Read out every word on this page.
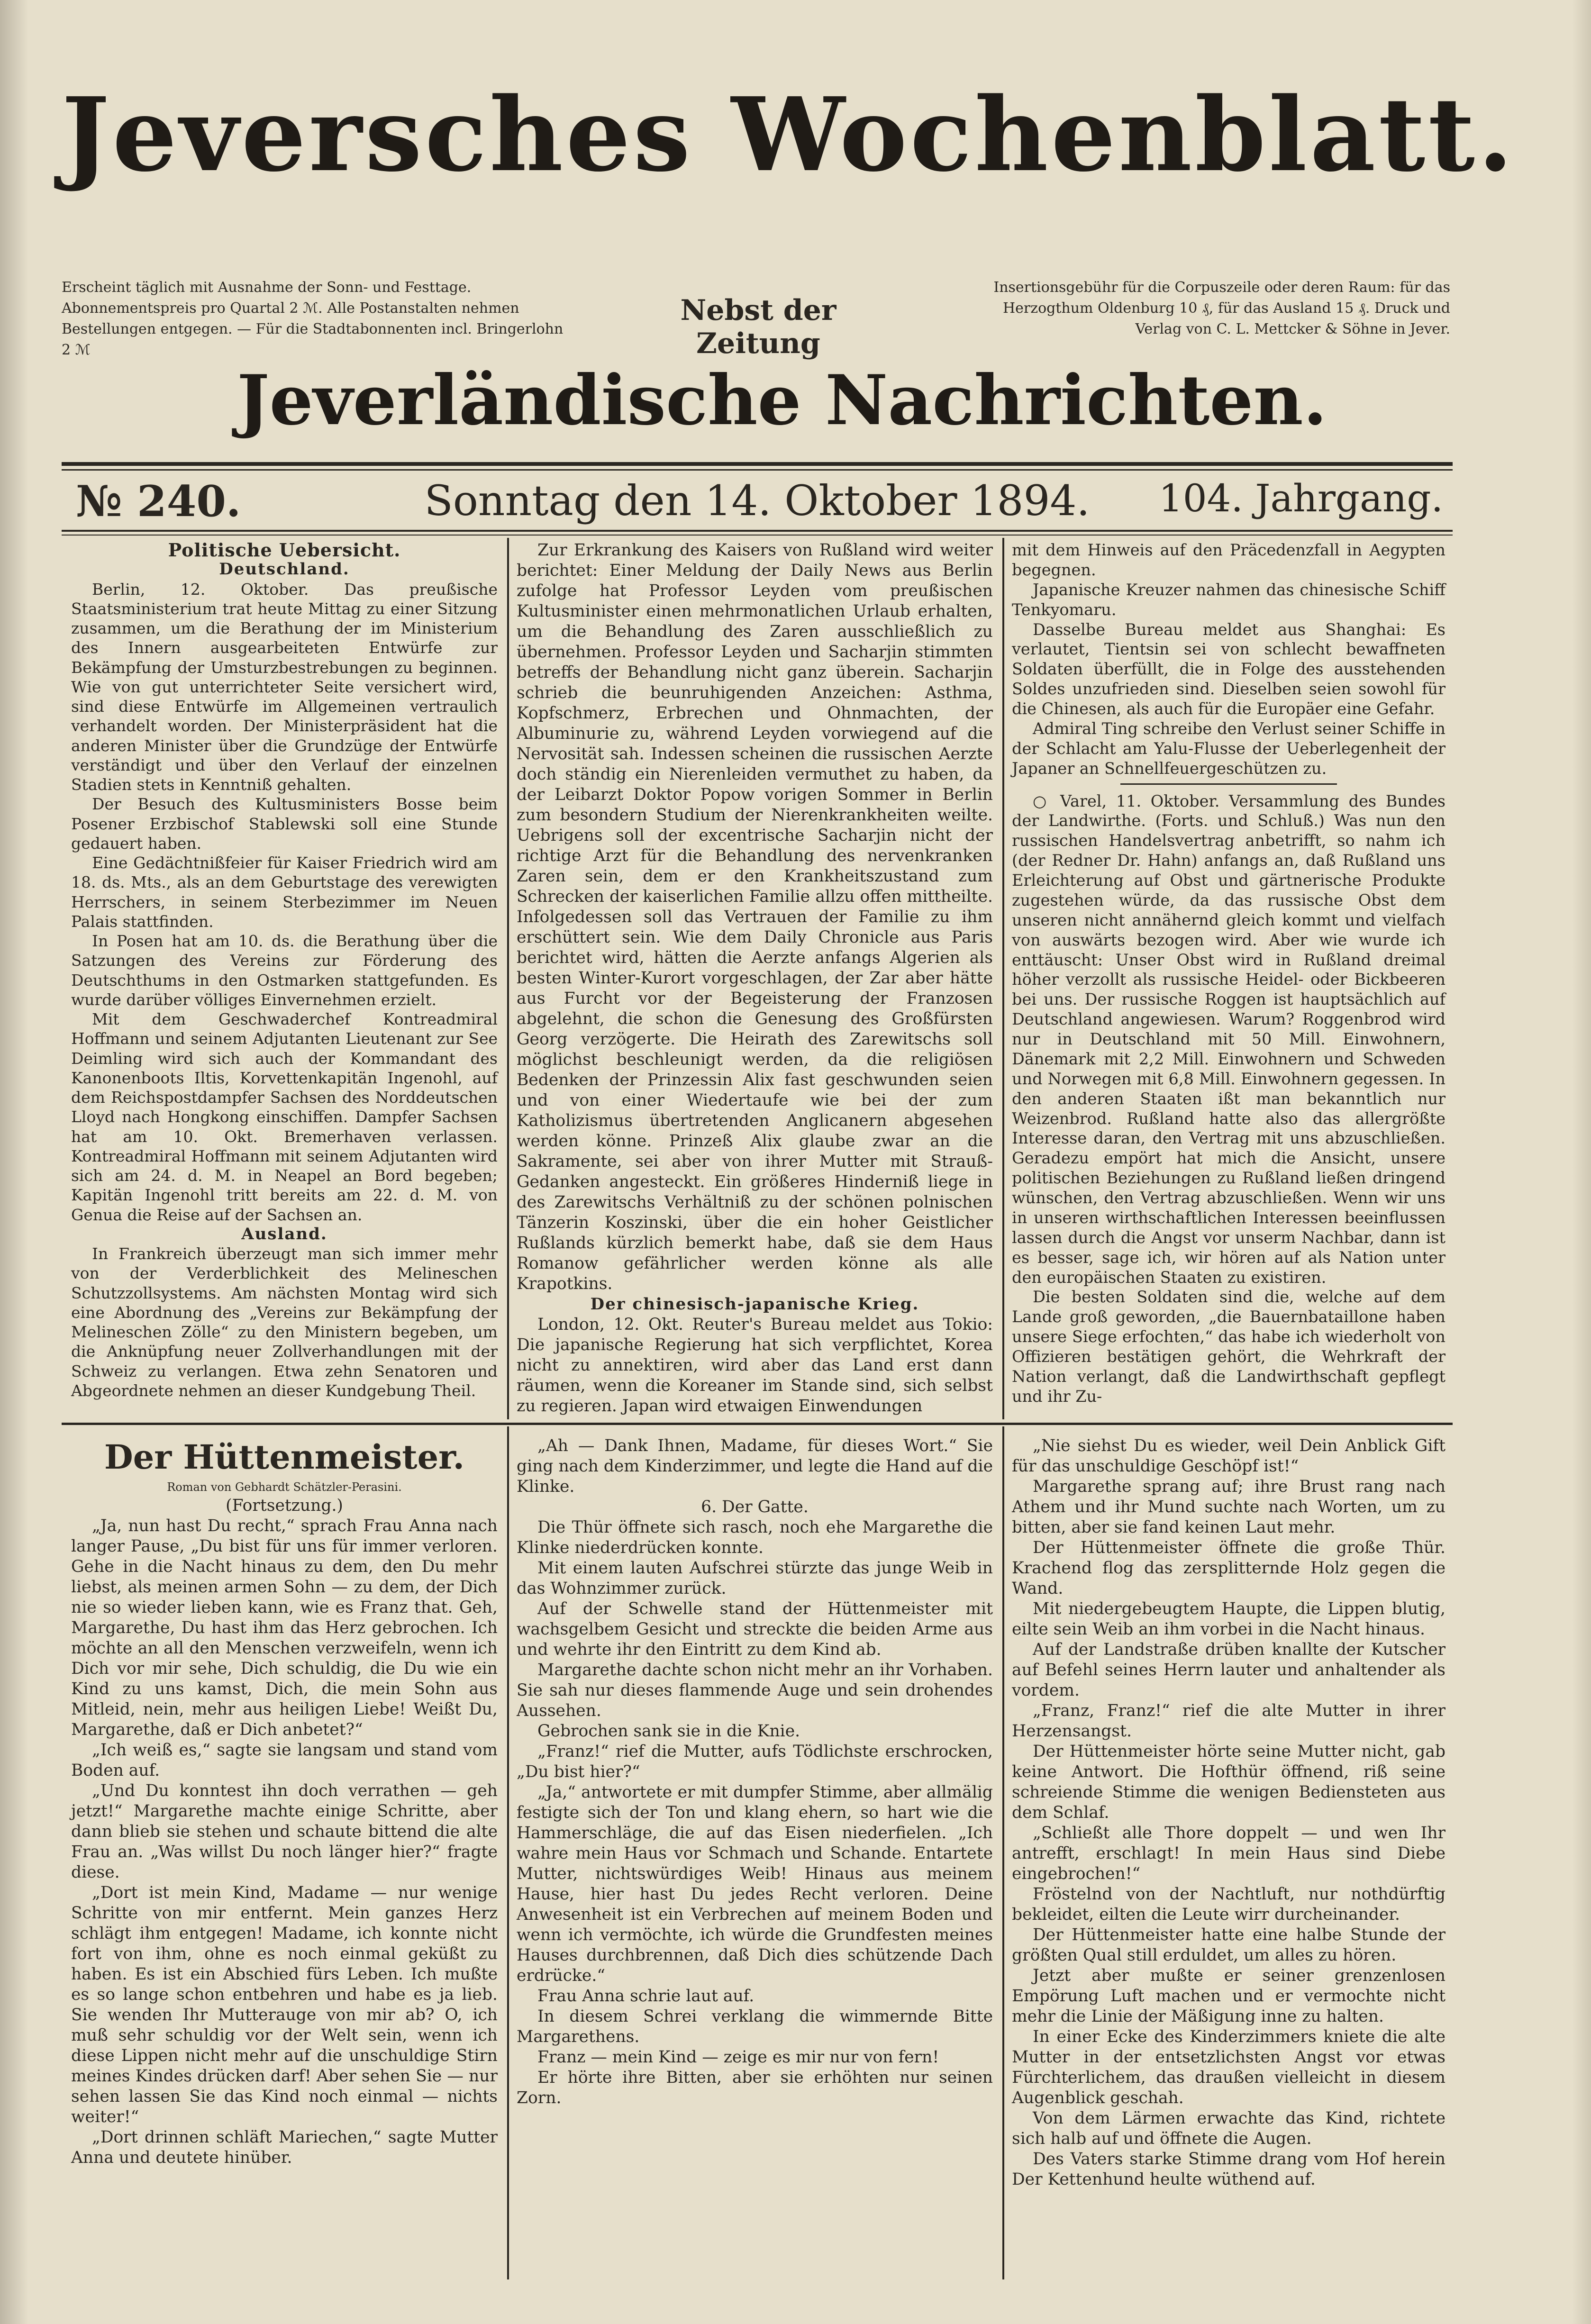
Jeversches Wochenblatt.
Erscheint täglich mit Ausnahme der Sonn- und Festtage. Abonnementspreis pro Quartal 2 ℳ. Alle Postanstalten nehmen Bestellungen entgegen. — Für die Stadtabonnenten incl. Bringerlohn 2 ℳ
Nebst der Zeitung
Insertionsgebühr für die Corpuszeile oder deren Raum: für das Herzogthum Oldenburg 10 ₰, für das Ausland 15 ₰. Druck und Verlag von C. L. Mettcker & Söhne in Jever.
Jeverländische Nachrichten.
№ 240.	Sonntag den 14. Oktober 1894.	104. Jahrgang.

Politische Uebersicht.

Deutschland.

Berlin, 12. Oktober. Das preußische Staatsministerium trat heute Mittag zu einer Sitzung zusammen, um die Berathung der im Ministerium des Innern ausgearbeiteten Entwürfe zur Bekämpfung der Umsturzbestrebungen zu beginnen. Wie von gut unterrichteter Seite versichert wird, sind diese Entwürfe im Allgemeinen vertraulich verhandelt worden. Der Ministerpräsident hat die anderen Minister über die Grundzüge der Entwürfe verständigt und über den Verlauf der einzelnen Stadien stets in Kenntniß gehalten.

Der Besuch des Kultusministers Bosse beim Posener Erzbischof Stablewski soll eine Stunde gedauert haben.

Eine Gedächtnißfeier für Kaiser Friedrich wird am 18. ds. Mts., als an dem Geburtstage des verewigten Herrschers, in seinem Sterbezimmer im Neuen Palais stattfinden.

In Posen hat am 10. ds. die Berathung über die Satzungen des Vereins zur Förderung des Deutschthums in den Ostmarken stattgefunden. Es wurde darüber völliges Einvernehmen erzielt.

Mit dem Geschwaderchef Kontreadmiral Hoffmann und seinem Adjutanten Lieutenant zur See Deimling wird sich auch der Kommandant des Kanonenboots Iltis, Korvettenkapitän Ingenohl, auf dem Reichspostdampfer Sachsen des Norddeutschen Lloyd nach Hongkong einschiffen. Dampfer Sachsen hat am 10. Okt. Bremerhaven verlassen. Kontreadmiral Hoffmann mit seinem Adjutanten wird sich am 24. d. M. in Neapel an Bord begeben; Kapitän Ingenohl tritt bereits am 22. d. M. von Genua die Reise auf der Sachsen an.

Ausland.

In Frankreich überzeugt man sich immer mehr von der Verderblichkeit des Melineschen Schutzzollsystems. Am nächsten Montag wird sich eine Abordnung des „Vereins zur Bekämpfung der Melineschen Zölle“ zu den Ministern begeben, um die Anknüpfung neuer Zollverhandlungen mit der Schweiz zu verlangen. Etwa zehn Senatoren und Abgeordnete nehmen an dieser Kundgebung Theil.

Zur Erkrankung des Kaisers von Rußland wird weiter berichtet: Einer Meldung der Daily News aus Berlin zufolge hat Professor Leyden vom preußischen Kultusminister einen mehrmonatlichen Urlaub erhalten, um die Behandlung des Zaren ausschließlich zu übernehmen. Professor Leyden und Sacharjin stimmten betreffs der Behandlung nicht ganz überein. Sacharjin schrieb die beunruhigenden Anzeichen: Asthma, Kopfschmerz, Erbrechen und Ohnmachten, der Albuminurie zu, während Leyden vorwiegend auf die Nervosität sah. Indessen scheinen die russischen Aerzte doch ständig ein Nierenleiden vermuthet zu haben, da der Leibarzt Doktor Popow vorigen Sommer in Berlin zum besondern Studium der Nierenkrankheiten weilte. Uebrigens soll der excentrische Sacharjin nicht der richtige Arzt für die Behandlung des nervenkranken Zaren sein, dem er den Krankheitszustand zum Schrecken der kaiserlichen Familie allzu offen mittheilte. Infolgedessen soll das Vertrauen der Familie zu ihm erschüttert sein. Wie dem Daily Chronicle aus Paris berichtet wird, hätten die Aerzte anfangs Algerien als besten Winter-Kurort vorgeschlagen, der Zar aber hätte aus Furcht vor der Begeisterung der Franzosen abgelehnt, die schon die Genesung des Großfürsten Georg verzögerte. Die Heirath des Zarewitschs soll möglichst beschleunigt werden, da die religiösen Bedenken der Prinzessin Alix fast geschwunden seien und von einer Wiedertaufe wie bei der zum Katholizismus übertretenden Anglicanern abgesehen werden könne. Prinzeß Alix glaube zwar an die Sakramente, sei aber von ihrer Mutter mit Strauß-Gedanken angesteckt. Ein größeres Hinderniß liege in des Zarewitschs Verhältniß zu der schönen polnischen Tänzerin Koszinski, über die ein hoher Geistlicher Rußlands kürzlich bemerkt habe, daß sie dem Haus Romanow gefährlicher werden könne als alle Krapotkins.

Der chinesisch-japanische Krieg.

London, 12. Okt. Reuter's Bureau meldet aus Tokio: Die japanische Regierung hat sich verpflichtet, Korea nicht zu annektiren, wird aber das Land erst dann räumen, wenn die Koreaner im Stande sind, sich selbst zu regieren. Japan wird etwaigen Einwendungen

mit dem Hinweis auf den Präcedenzfall in Aegypten begegnen.

Japanische Kreuzer nahmen das chinesische Schiff Tenkyomaru.

Dasselbe Bureau meldet aus Shanghai: Es verlautet, Tientsin sei von schlecht bewaffneten Soldaten überfüllt, die in Folge des ausstehenden Soldes unzufrieden sind. Dieselben seien sowohl für die Chinesen, als auch für die Europäer eine Gefahr.

Admiral Ting schreibe den Verlust seiner Schiffe in der Schlacht am Yalu-Flusse der Ueberlegenheit der Japaner an Schnellfeuergeschützen zu.

○ Varel, 11. Oktober. Versammlung des Bundes der Landwirthe. (Forts. und Schluß.) Was nun den russischen Handelsvertrag anbetrifft, so nahm ich (der Redner Dr. Hahn) anfangs an, daß Rußland uns Erleichterung auf Obst und gärtnerische Produkte zugestehen würde, da das russische Obst dem unseren nicht annähernd gleich kommt und vielfach von auswärts bezogen wird. Aber wie wurde ich enttäuscht: Unser Obst wird in Rußland dreimal höher verzollt als russische Heidel- oder Bickbeeren bei uns. Der russische Roggen ist hauptsächlich auf Deutschland angewiesen. Warum? Roggenbrod wird nur in Deutschland mit 50 Mill. Einwohnern, Dänemark mit 2,2 Mill. Einwohnern und Schweden und Norwegen mit 6,8 Mill. Einwohnern gegessen. In den anderen Staaten ißt man bekanntlich nur Weizenbrod. Rußland hatte also das allergrößte Interesse daran, den Vertrag mit uns abzuschließen. Geradezu empört hat mich die Ansicht, unsere politischen Beziehungen zu Rußland ließen dringend wünschen, den Vertrag abzuschließen. Wenn wir uns in unseren wirthschaftlichen Interessen beeinflussen lassen durch die Angst vor unserm Nachbar, dann ist es besser, sage ich, wir hören auf als Nation unter den europäischen Staaten zu existiren.

Die besten Soldaten sind die, welche auf dem Lande groß geworden, „die Bauernbataillone haben unsere Siege erfochten,“ das habe ich wiederholt von Offizieren bestätigen gehört, die Wehrkraft der Nation verlangt, daß die Landwirthschaft gepflegt und ihr Zu-

Der Hüttenmeister.

Roman von Gebhardt Schätzler-Perasini.

(Fortsetzung.)

„Ja, nun hast Du recht,“ sprach Frau Anna nach langer Pause, „Du bist für uns für immer verloren. Gehe in die Nacht hinaus zu dem, den Du mehr liebst, als meinen armen Sohn — zu dem, der Dich nie so wieder lieben kann, wie es Franz that. Geh, Margarethe, Du hast ihm das Herz gebrochen. Ich möchte an all den Menschen verzweifeln, wenn ich Dich vor mir sehe, Dich schuldig, die Du wie ein Kind zu uns kamst, Dich, die mein Sohn aus Mitleid, nein, mehr aus heiligen Liebe! Weißt Du, Margarethe, daß er Dich anbetet?“

„Ich weiß es,“ sagte sie langsam und stand vom Boden auf.

„Und Du konntest ihn doch verrathen — geh jetzt!“ Margarethe machte einige Schritte, aber dann blieb sie stehen und schaute bittend die alte Frau an. „Was willst Du noch länger hier?“ fragte diese.

„Dort ist mein Kind, Madame — nur wenige Schritte von mir entfernt. Mein ganzes Herz schlägt ihm entgegen! Madame, ich konnte nicht fort von ihm, ohne es noch einmal geküßt zu haben. Es ist ein Abschied fürs Leben. Ich mußte es so lange schon entbehren und habe es ja lieb. Sie wenden Ihr Mutterauge von mir ab? O, ich muß sehr schuldig vor der Welt sein, wenn ich diese Lippen nicht mehr auf die unschuldige Stirn meines Kindes drücken darf! Aber sehen Sie — nur sehen lassen Sie das Kind noch einmal — nichts weiter!“

„Dort drinnen schläft Mariechen,“ sagte Mutter Anna und deutete hinüber.

„Ah — Dank Ihnen, Madame, für dieses Wort.“ Sie ging nach dem Kinderzimmer, und legte die Hand auf die Klinke.

6. Der Gatte.

Die Thür öffnete sich rasch, noch ehe Margarethe die Klinke niederdrücken konnte.

Mit einem lauten Aufschrei stürzte das junge Weib in das Wohnzimmer zurück.

Auf der Schwelle stand der Hüttenmeister mit wachsgelbem Gesicht und streckte die beiden Arme aus und wehrte ihr den Eintritt zu dem Kind ab.

Margarethe dachte schon nicht mehr an ihr Vorhaben. Sie sah nur dieses flammende Auge und sein drohendes Aussehen.

Gebrochen sank sie in die Knie.

„Franz!“ rief die Mutter, aufs Tödlichste erschrocken, „Du bist hier?“

„Ja,“ antwortete er mit dumpfer Stimme, aber allmälig festigte sich der Ton und klang ehern, so hart wie die Hammerschläge, die auf das Eisen niederfielen. „Ich wahre mein Haus vor Schmach und Schande. Entartete Mutter, nichtswürdiges Weib! Hinaus aus meinem Hause, hier hast Du jedes Recht verloren. Deine Anwesenheit ist ein Verbrechen auf meinem Boden und wenn ich vermöchte, ich würde die Grundfesten meines Hauses durchbrennen, daß Dich dies schützende Dach erdrücke.“

Frau Anna schrie laut auf.

In diesem Schrei verklang die wimmernde Bitte Margarethens.

Franz — mein Kind — zeige es mir nur von fern!

Er hörte ihre Bitten, aber sie erhöhten nur seinen Zorn.

„Nie siehst Du es wieder, weil Dein Anblick Gift für das unschuldige Geschöpf ist!“

Margarethe sprang auf; ihre Brust rang nach Athem und ihr Mund suchte nach Worten, um zu bitten, aber sie fand keinen Laut mehr.

Der Hüttenmeister öffnete die große Thür. Krachend flog das zersplitternde Holz gegen die Wand.

Mit niedergebeugtem Haupte, die Lippen blutig, eilte sein Weib an ihm vorbei in die Nacht hinaus.

Auf der Landstraße drüben knallte der Kutscher auf Befehl seines Herrn lauter und anhaltender als vordem.

„Franz, Franz!“ rief die alte Mutter in ihrer Herzensangst.

Der Hüttenmeister hörte seine Mutter nicht, gab keine Antwort. Die Hofthür öffnend, riß seine schreiende Stimme die wenigen Bediensteten aus dem Schlaf.

„Schließt alle Thore doppelt — und wen Ihr antrefft, erschlagt! In mein Haus sind Diebe eingebrochen!“

Fröstelnd von der Nachtluft, nur nothdürftig bekleidet, eilten die Leute wirr durcheinander.

Der Hüttenmeister hatte eine halbe Stunde der größten Qual still erduldet, um alles zu hören.

Jetzt aber mußte er seiner grenzenlosen Empörung Luft machen und er vermochte nicht mehr die Linie der Mäßigung inne zu halten.

In einer Ecke des Kinderzimmers kniete die alte Mutter in der entsetzlichsten Angst vor etwas Fürchterlichem, das draußen vielleicht in diesem Augenblick geschah.

Von dem Lärmen erwachte das Kind, richtete sich halb auf und öffnete die Augen.

Des Vaters starke Stimme drang vom Hof herein Der Kettenhund heulte wüthend auf.
